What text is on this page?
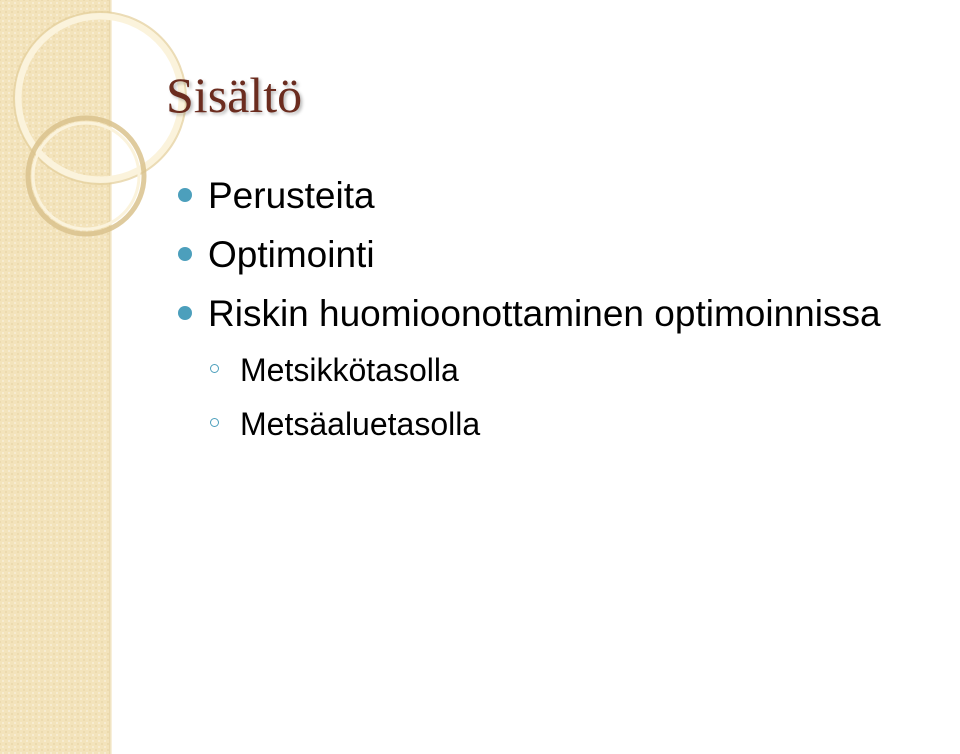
Sisältö
Perusteita
Optimointi
Riskin huomioonottaminen optimoinnissa
Metsikkötasolla
Metsäaluetasolla
